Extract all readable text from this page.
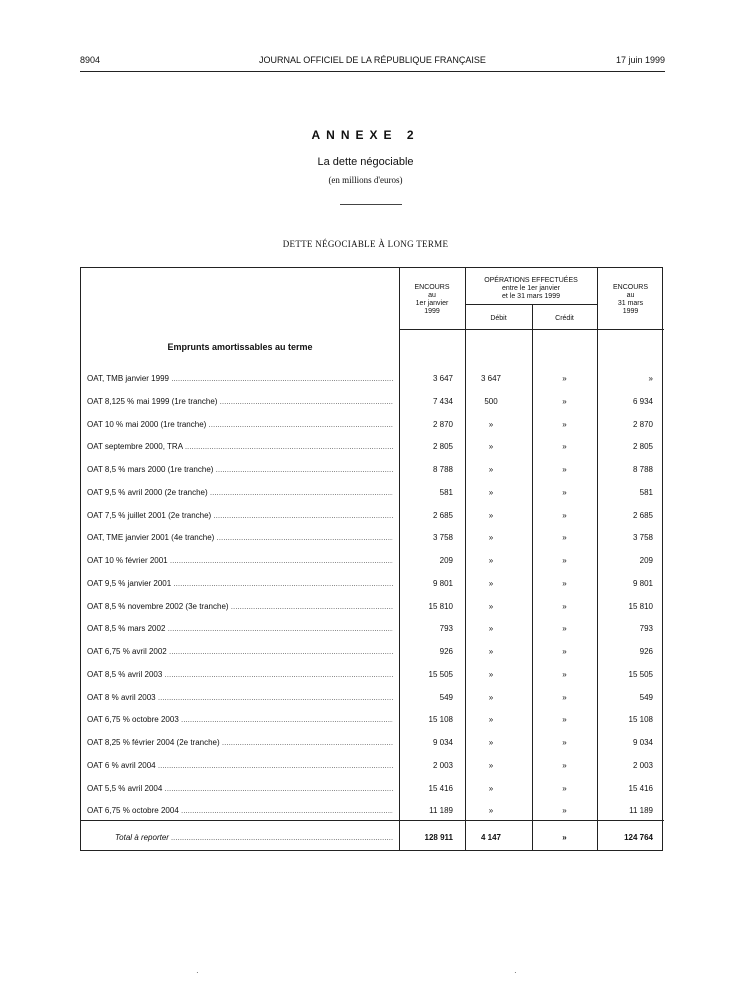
8904	JOURNAL OFFICIEL DE LA RÉPUBLIQUE FRANÇAISE	17 juin 1999
ANNEXE 2
La dette négociable
(en millions d'euros)
DETTE NÉGOCIABLE À LONG TERME
ENCOURS
au
1er janvier
1999
OPÉRATIONS EFFECTUÉES
entre le 1er janvier
et le 31 mars 1999
Débit	Crédit
ENCOURS
au
31 mars
1999
Emprunts amortissables au terme
OAT, TMB janvier 1999 .....	3 647	3 647	»	»
OAT 8,125 % mai 1999 (1re tranche) .....	7 434	500	»	6 934
OAT 10 % mai 2000 (1re tranche) .....	2 870	»	»	2 870
OAT septembre 2000, TRA .....	2 805	»	»	2 805
OAT 8,5 % mars 2000 (1re tranche) .....	8 788	»	»	8 788
OAT 9,5 % avril 2000 (2e tranche) .....	581	»	»	581
OAT 7,5 % juillet 2001 (2e tranche) .....	2 685	»	»	2 685
OAT, TME janvier 2001 (4e tranche) .....	3 758	»	»	3 758
OAT 10 % février 2001 .....	209	»	»	209
OAT 9,5 % janvier 2001 .....	9 801	»	»	9 801
OAT 8,5 % novembre 2002 (3e tranche) .....	15 810	»	»	15 810
OAT 8,5 % mars 2002 .....	793	»	»	793
OAT 6,75 % avril 2002 .....	926	»	»	926
OAT 8,5 % avril 2003 .....	15 505	»	»	15 505
OAT 8 % avril 2003 .....	549	»	»	549
OAT 6,75 % octobre 2003 .....	15 108	»	»	15 108
OAT 8,25 % février 2004 (2e tranche) .....	9 034	»	»	9 034
OAT 6 % avril 2004 .....	2 003	»	»	2 003
OAT 5,5 % avril 2004 .....	15 416	»	»	15 416
OAT 6,75 % octobre 2004 .....	11 189	»	»	11 189
Total à reporter .....	128 911	4 147	»	124 764
·	·
